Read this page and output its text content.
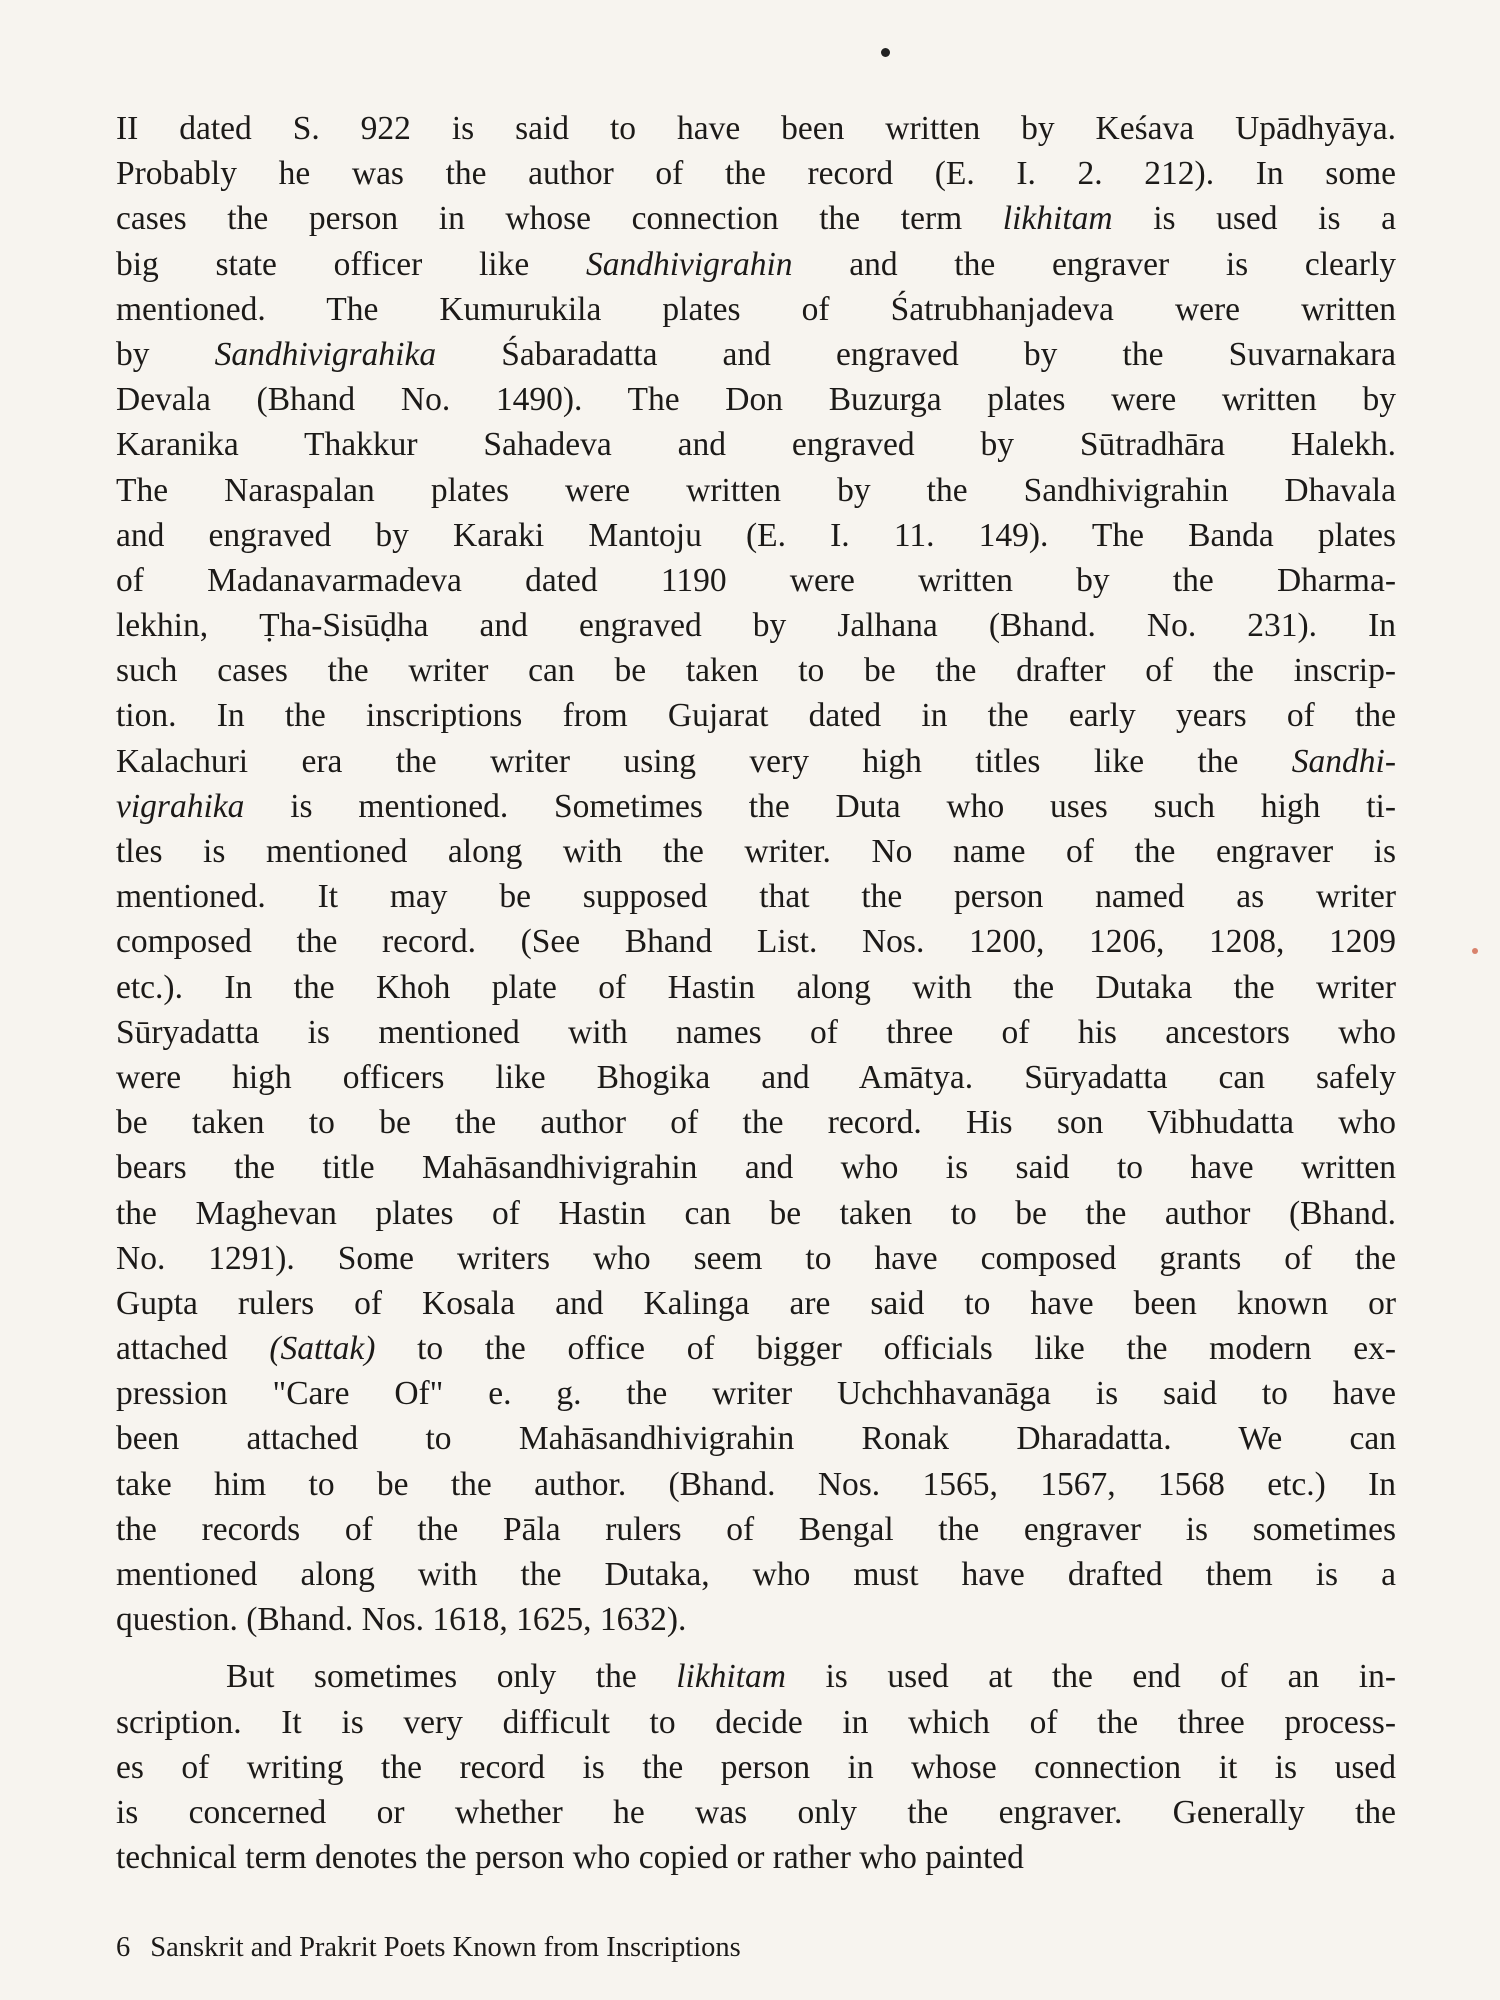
II dated S. 922 is said to have been written by Keśava Upādhyāya.
Probably he was the author of the record (E. I. 2. 212). In some
cases the person in whose connection the term likhitam is used is a
big state officer like Sandhivigrahin and the engraver is clearly
mentioned. The Kumurukila plates of Śatrubhanjadeva were written
by Sandhivigrahika Śabaradatta and engraved by the Suvarnakara
Devala (Bhand No. 1490). The Don Buzurga plates were written by
Karanika Thakkur Sahadeva and engraved by Sūtradhāra Halekh.
The Naraspalan plates were written by the Sandhivigrahin Dhavala
and engraved by Karaki Mantoju (E. I. 11. 149). The Banda plates
of Madanavarmadeva dated 1190 were written by the Dharma-
lekhin, Ṭha-Sisūḍha and engraved by Jalhana (Bhand. No. 231). In
such cases the writer can be taken to be the drafter of the inscrip-
tion. In the inscriptions from Gujarat dated in the early years of the
Kalachuri era the writer using very high titles like the Sandhi-
vigrahika is mentioned. Sometimes the Duta who uses such high ti-
tles is mentioned along with the writer. No name of the engraver is
mentioned. It may be supposed that the person named as writer
composed the record. (See Bhand List. Nos. 1200, 1206, 1208, 1209
etc.). In the Khoh plate of Hastin along with the Dutaka the writer
Sūryadatta is mentioned with names of three of his ancestors who
were high officers like Bhogika and Amātya. Sūryadatta can safely
be taken to be the author of the record. His son Vibhudatta who
bears the title Mahāsandhivigrahin and who is said to have written
the Maghevan plates of Hastin can be taken to be the author (Bhand.
No. 1291). Some writers who seem to have composed grants of the
Gupta rulers of Kosala and Kalinga are said to have been known or
attached (Sattak) to the office of bigger officials like the modern ex-
pression "Care Of" e. g. the writer Uchchhavanāga is said to have
been attached to Mahāsandhivigrahin Ronak Dharadatta. We can
take him to be the author. (Bhand. Nos. 1565, 1567, 1568 etc.) In
the records of the Pāla rulers of Bengal the engraver is sometimes
mentioned along with the Dutaka, who must have drafted them is a
question. (Bhand. Nos. 1618, 1625, 1632).
But sometimes only the likhitam is used at the end of an in-
scription. It is very difficult to decide in which of the three process-
es of writing the record is the person in whose connection it is used
is concerned or whether he was only the engraver. Generally the
technical term denotes the person who copied or rather who painted
6 Sanskrit and Prakrit Poets Known from Inscriptions
